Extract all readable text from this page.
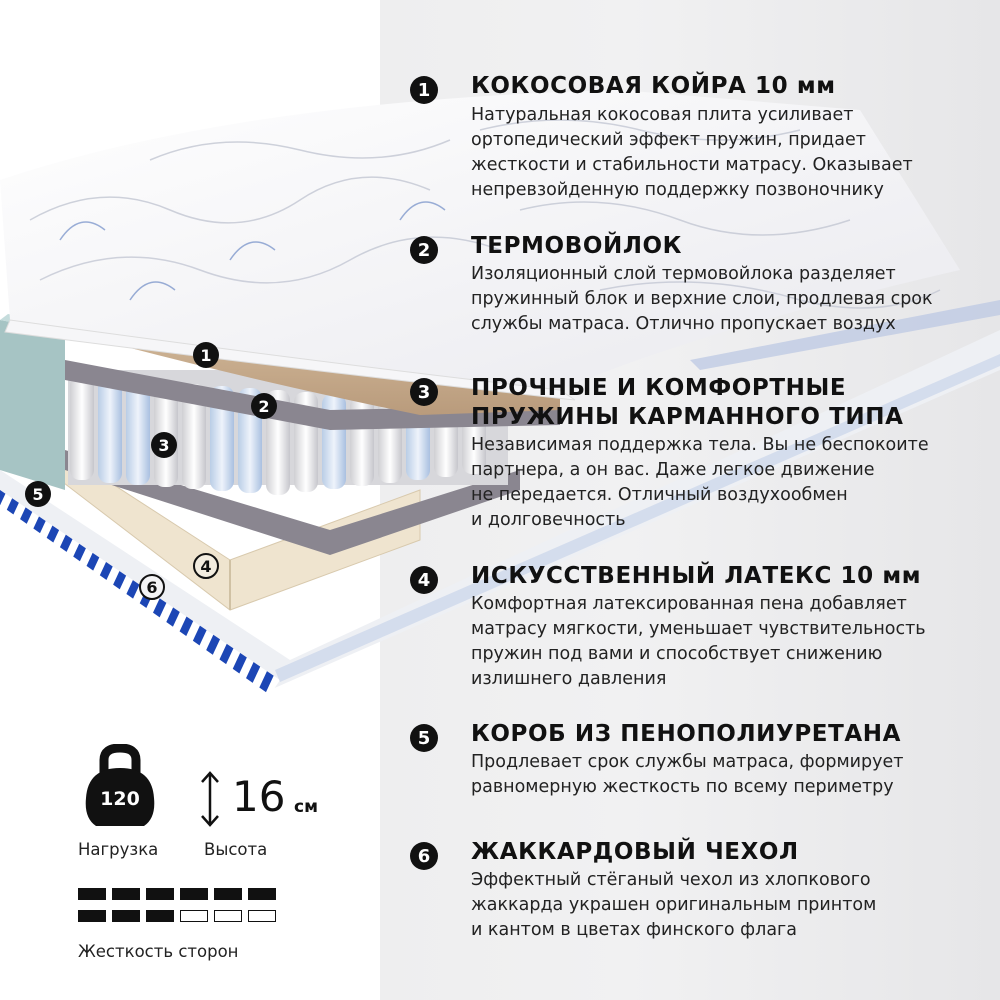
1
2
3
4
5
6
1	КОКОСОВАЯ КОЙРА 10 мм
Натуральная кокосовая плита усиливает
ортопедический эффект пружин, придает
жесткости и стабильности матрасу. Оказывает
непревзойденную поддержку позвоночнику
2	ТЕРМОВОЙЛОК
Изоляционный слой термовойлока разделяет
пружинный блок и верхние слои, продлевая срок
службы матраса. Отлично пропускает воздух
3	ПРОЧНЫЕ И КОМФОРТНЫЕ
ПРУЖИНЫ КАРМАННОГО ТИПА
Независимая поддержка тела. Вы не беспокоите
партнера, а он вас. Даже легкое движение
не передается. Отличный воздухообмен
и долговечность
4	ИСКУССТВЕННЫЙ ЛАТЕКС 10 мм
Комфортная латексированная пена добавляет
матрасу мягкости, уменьшает чувствительность
пружин под вами и способствует снижению
излишнего давления
5	КОРОБ ИЗ ПЕНОПОЛИУРЕТАНА
Продлевает срок службы матраса, формирует
равномерную жесткость по всему периметру
6	ЖАККАРДОВЫЙ ЧЕХОЛ
Эффектный стёганый чехол из хлопкового
жаккарда украшен оригинальным принтом
и кантом в цветах финского флага
120
Нагрузка
16 см
Высота
Жесткость сторон
